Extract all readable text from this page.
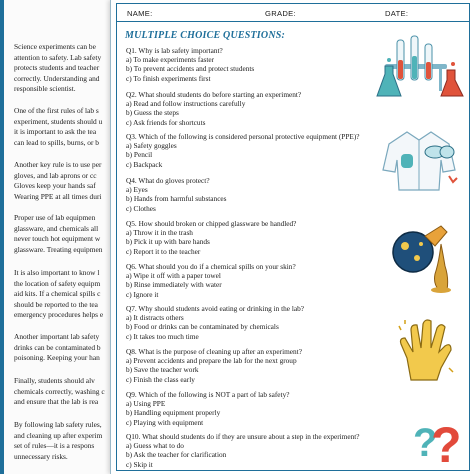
Science experiments can be
attention to safety. Lab safety
protects students and teacher
correctly. Understanding and
responsible scientist.
One of the first rules of lab s
experiment, students should u
it is important to ask the tea
can lead to spills, burns, or b
Another key rule is to use per
gloves, and lab aprons or cc
Gloves keep your hands saf
Wearing PPE at all times duri
Proper use of lab equipmen
glassware, and chemicals all
never touch hot equipment w
glassware. Treating equipmen
It is also important to know l
the location of safety equipm
aid kits. If a chemical spills c
should be reported to the tea
emergency procedures helps e
Another important lab safety
drinks can be contaminated b
poisoning. Keeping your han
Finally, students should alv
chemicals correctly, washing c
and ensure that the lab is rea
By following lab safety rules,
and cleaning up after experim
set of rules—it is a respons
unnecessary risks.
NAME:	GRADE:	DATE:
MULTIPLE CHOICE QUESTIONS:
Q1. Why is lab safety important?
a) To make experiments faster
b) To prevent accidents and protect students
c) To finish experiments first
Q2. What should students do before starting an experiment?
a) Read and follow instructions carefully
b) Guess the steps
c) Ask friends for shortcuts
Q3. Which of the following is considered personal protective equipment (PPE)?
a) Safety goggles
b) Pencil
c) Backpack
Q4. What do gloves protect?
a) Eyes
b) Hands from harmful substances
c) Clothes
Q5. How should broken or chipped glassware be handled?
a) Throw it in the trash
b) Pick it up with bare hands
c) Report it to the teacher
Q6. What should you do if a chemical spills on your skin?
a) Wipe it off with a paper towel
b) Rinse immediately with water
c) Ignore it
Q7. Why should students avoid eating or drinking in the lab?
a) It distracts others
b) Food or drinks can be contaminated by chemicals
c) It takes too much time
Q8. What is the purpose of cleaning up after an experiment?
a) Prevent accidents and prepare the lab for the next group
b) Save the teacher work
c) Finish the class early
Q9. Which of the following is NOT a part of lab safety?
a) Using PPE
b) Handling equipment properly
c) Playing with equipment
Q10. What should students do if they are unsure about a step in the experiment?
a) Guess what to do
b) Ask the teacher for clarification
c) Skip it	?
?
